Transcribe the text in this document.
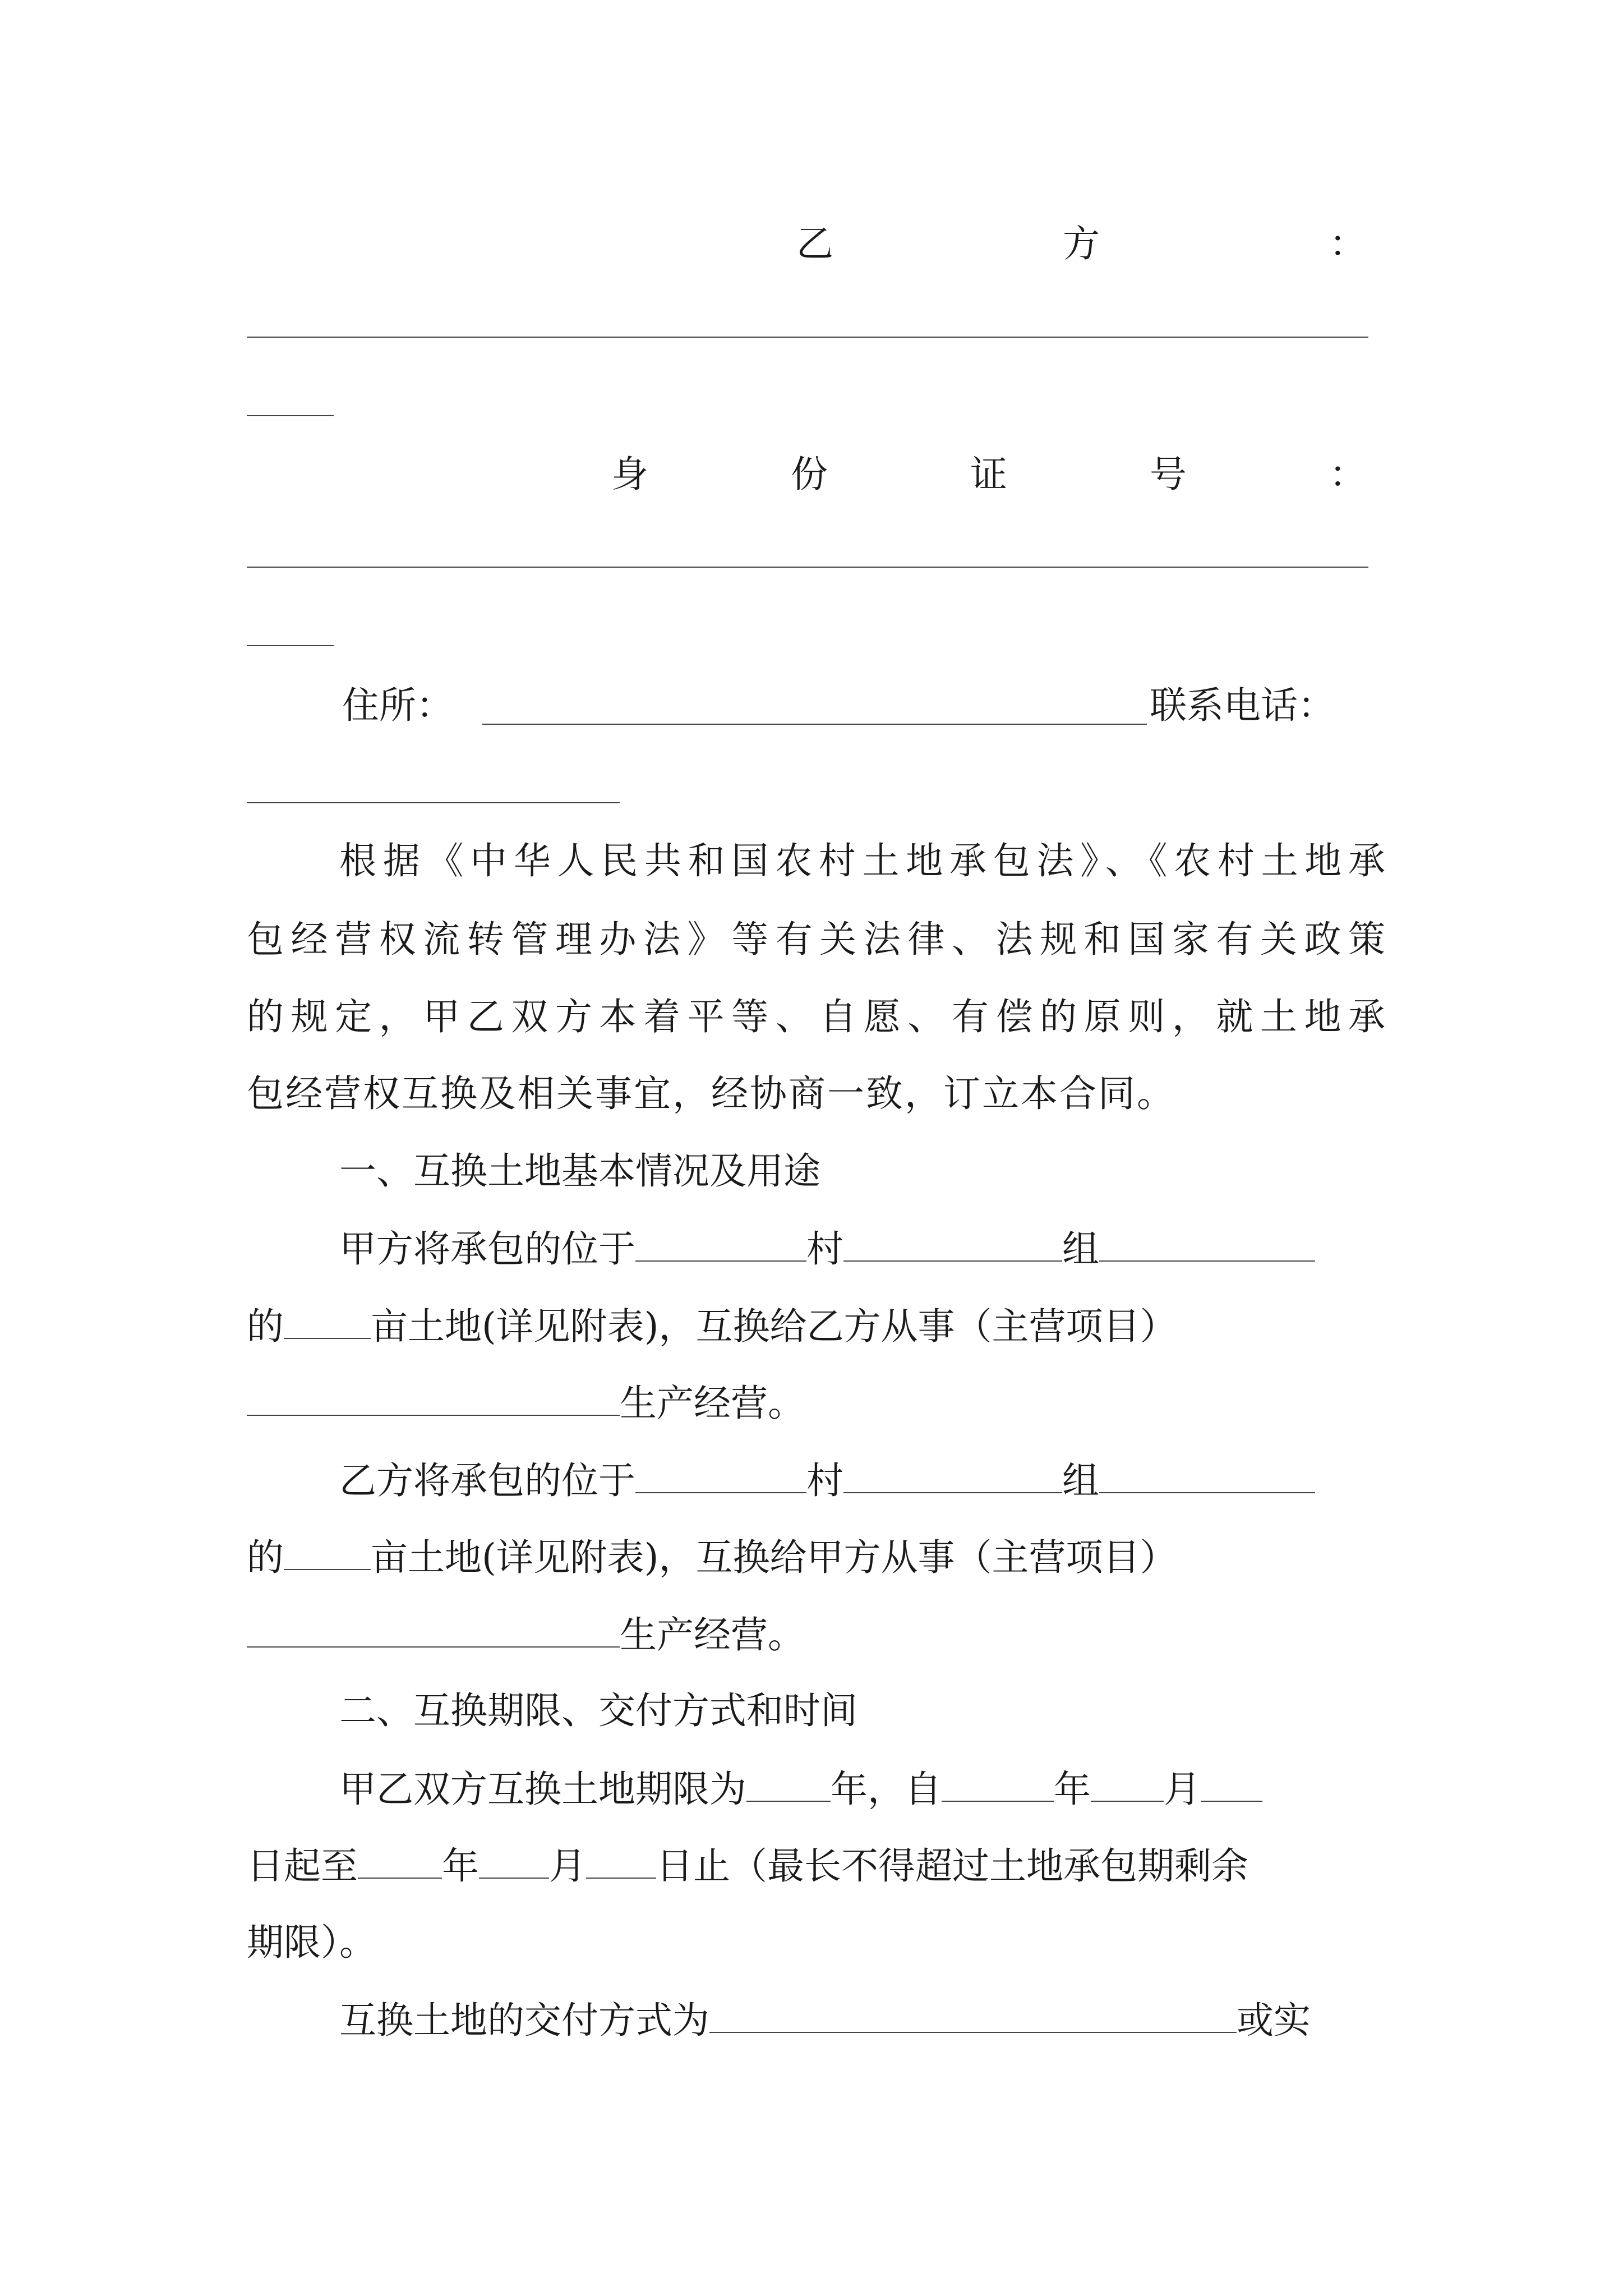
乙	方	：
身	份	证	号	：
住所：	联系电话：
根据《中华人民共和国农村土地承包法》、《农村土地承
包经营权流转管理办法》等有关法律、法规和国家有关政策
的规定，甲乙双方本着平等、自愿、有偿的原则，就土地承
包经营权互换及相关事宜，经协商一致，订立本合同。
一、互换土地基本情况及用途
甲方将承包的位于	村	组
的 亩土地(详见附表)，互换给乙方从事（主营项目）
生产经营。
乙方将承包的位于	村	组
的 亩土地(详见附表)，互换给甲方从事（主营项目）
生产经营。
二、互换期限、交付方式和时间
甲乙双方互换土地期限为 年，自	年 月
日起至 年 月 日止（最长不得超过土地承包期剩余
期限）。
互换土地的交付方式为	或实
